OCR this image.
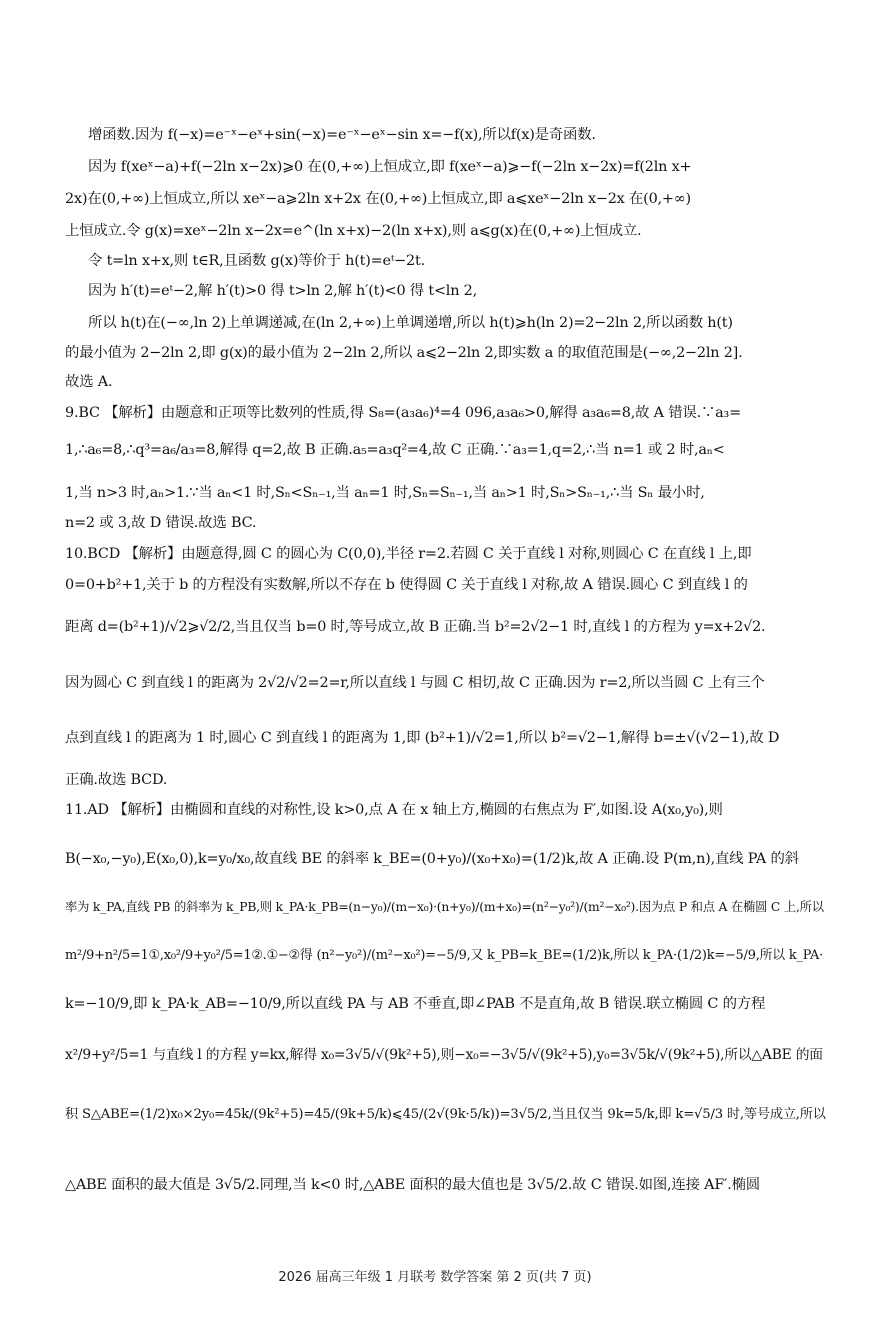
增函数.因为 f(−x)=e⁻ˣ−eˣ+sin(−x)=e⁻ˣ−eˣ−sin x=−f(x),所以f(x)是奇函数.
因为 f(xeˣ−a)+f(−2ln x−2x)⩾0 在(0,+∞)上恒成立,即 f(xeˣ−a)⩾−f(−2ln x−2x)=f(2ln x+
2x)在(0,+∞)上恒成立,所以 xeˣ−a⩾2ln x+2x 在(0,+∞)上恒成立,即 a⩽xeˣ−2ln x−2x 在(0,+∞)
上恒成立.令 g(x)=xeˣ−2ln x−2x=e^(ln x+x)−2(ln x+x),则 a⩽g(x)在(0,+∞)上恒成立.
令 t=ln x+x,则 t∈R,且函数 g(x)等价于 h(t)=eᵗ−2t.
因为 h′(t)=eᵗ−2,解 h′(t)>0 得 t>ln 2,解 h′(t)<0 得 t<ln 2,
所以 h(t)在(−∞,ln 2)上单调递减,在(ln 2,+∞)上单调递增,所以 h(t)⩾h(ln 2)=2−2ln 2,所以函数 h(t)
的最小值为 2−2ln 2,即 g(x)的最小值为 2−2ln 2,所以 a⩽2−2ln 2,即实数 a 的取值范围是(−∞,2−2ln 2].
故选 A.
9.BC 【解析】由题意和正项等比数列的性质,得 S₈=(a₃a₆)⁴=4 096,a₃a₆>0,解得 a₃a₆=8,故 A 错误.∵a₃=
1,∴a₆=8,∴q³=a₆/a₃=8,解得 q=2,故 B 正确.a₅=a₃q²=4,故 C 正确.∵a₃=1,q=2,∴当 n=1 或 2 时,aₙ<
1,当 n>3 时,aₙ>1.∵当 aₙ<1 时,Sₙ<Sₙ₋₁,当 aₙ=1 时,Sₙ=Sₙ₋₁,当 aₙ>1 时,Sₙ>Sₙ₋₁,∴当 Sₙ 最小时,
n=2 或 3,故 D 错误.故选 BC.
10.BCD 【解析】由题意得,圆 C 的圆心为 C(0,0),半径 r=2.若圆 C 关于直线 l 对称,则圆心 C 在直线 l 上,即
0=0+b²+1,关于 b 的方程没有实数解,所以不存在 b 使得圆 C 关于直线 l 对称,故 A 错误.圆心 C 到直线 l 的
距离 d=(b²+1)/√2⩾√2/2,当且仅当 b=0 时,等号成立,故 B 正确.当 b²=2√2−1 时,直线 l 的方程为 y=x+2√2.
因为圆心 C 到直线 l 的距离为 2√2/√2=2=r,所以直线 l 与圆 C 相切,故 C 正确.因为 r=2,所以当圆 C 上有三个
点到直线 l 的距离为 1 时,圆心 C 到直线 l 的距离为 1,即 (b²+1)/√2=1,所以 b²=√2−1,解得 b=±√(√2−1),故 D
正确.故选 BCD.
11.AD 【解析】由椭圆和直线的对称性,设 k>0,点 A 在 x 轴上方,椭圆的右焦点为 F′,如图.设 A(x₀,y₀),则
B(−x₀,−y₀),E(x₀,0),k=y₀/x₀,故直线 BE 的斜率 k_BE=(0+y₀)/(x₀+x₀)=(1/2)k,故 A 正确.设 P(m,n),直线 PA 的斜
率为 k_PA,直线 PB 的斜率为 k_PB,则 k_PA·k_PB=(n−y₀)/(m−x₀)·(n+y₀)/(m+x₀)=(n²−y₀²)/(m²−x₀²).因为点 P 和点 A 在椭圆 C 上,所以
m²/9+n²/5=1①,x₀²/9+y₀²/5=1②.①−②得 (n²−y₀²)/(m²−x₀²)=−5/9,又 k_PB=k_BE=(1/2)k,所以 k_PA·(1/2)k=−5/9,所以 k_PA·
k=−10/9,即 k_PA·k_AB=−10/9,所以直线 PA 与 AB 不垂直,即∠PAB 不是直角,故 B 错误.联立椭圆 C 的方程
x²/9+y²/5=1 与直线 l 的方程 y=kx,解得 x₀=3√5/√(9k²+5),则−x₀=−3√5/√(9k²+5),y₀=3√5k/√(9k²+5),所以△ABE 的面
积 S△ABE=(1/2)x₀×2y₀=45k/(9k²+5)=45/(9k+5/k)⩽45/(2√(9k·5/k))=3√5/2,当且仅当 9k=5/k,即 k=√5/3 时,等号成立,所以
△ABE 面积的最大值是 3√5/2.同理,当 k<0 时,△ABE 面积的最大值也是 3√5/2.故 C 错误.如图,连接 AF′.椭圆
2026 届高三年级 1 月联考 数学答案 第 2 页(共 7 页)
